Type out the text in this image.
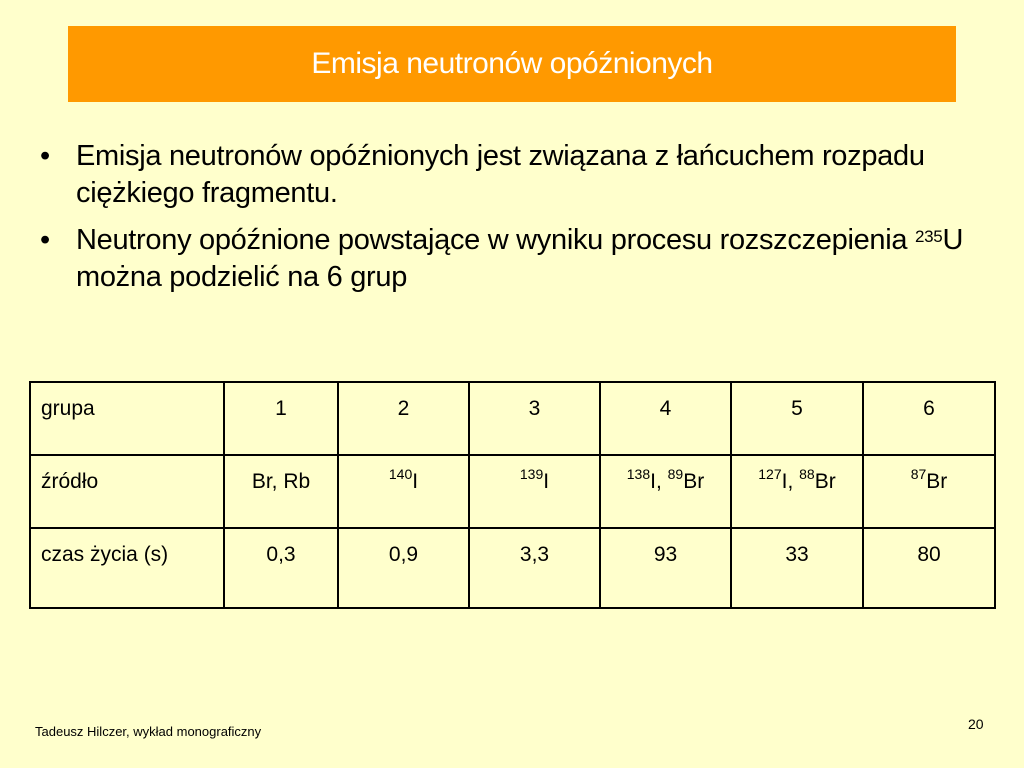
Emisja neutronów opóźnionych
• Emisja neutronów opóźnionych jest związana z łańcuchem rozpadu ciężkiego fragmentu.
• Neutrony opóźnione powstające w wyniku procesu rozszczepienia $^{235}$U można podzielić na 6 grup
grupa	1	2	3	4	5	6
źródło	Br, Rb	$^{140}$I	$^{139}$I	$^{138}$I, $^{89}$Br	$^{127}$I, $^{88}$Br	$^{87}$Br
czas życia (s)	0,3	0,9	3,3	93	33	80
Tadeusz Hilczer, wykład monograficzny	20
